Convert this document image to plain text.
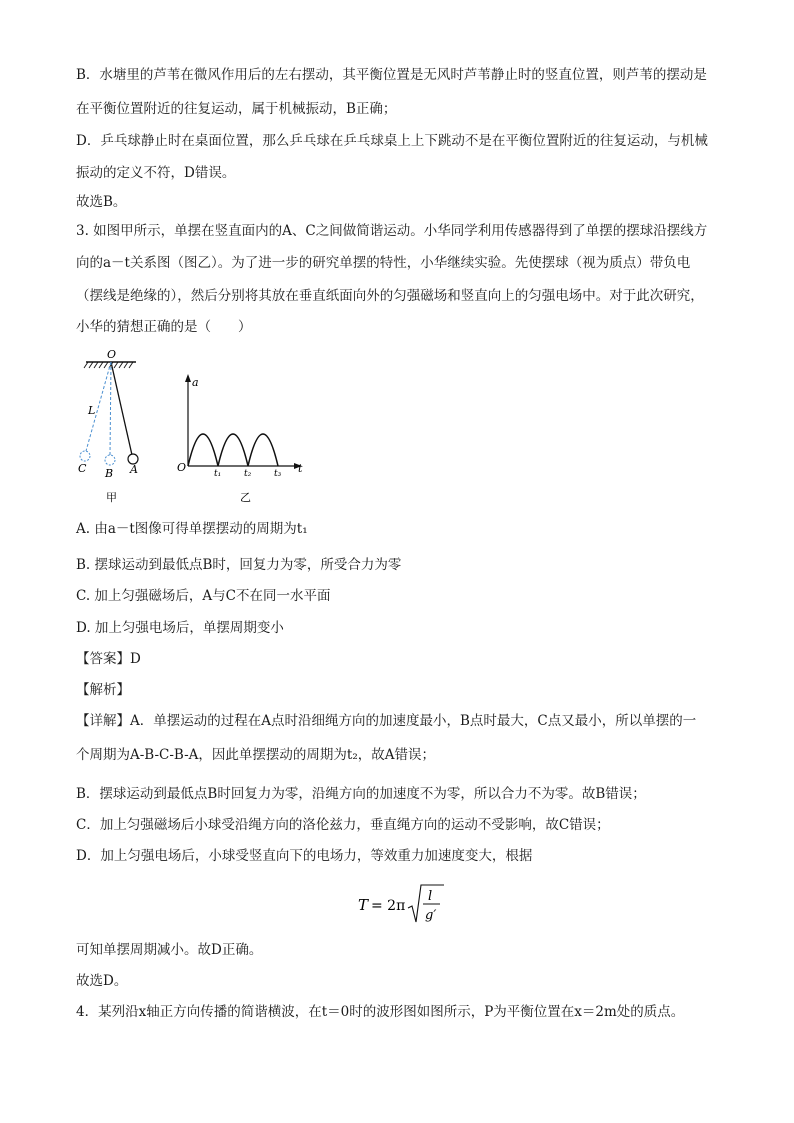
B．水塘里的芦苇在微风作用后的左右摆动，其平衡位置是无风时芦苇静止时的竖直位置，则芦苇的摆动是
在平衡位置附近的往复运动，属于机械振动，B正确；
D．乒乓球静止时在桌面位置，那么乒乓球在乒乓球桌上上下跳动不是在平衡位置附近的往复运动，与机械
振动的定义不符，D错误。
故选B。
3. 如图甲所示，单摆在竖直面内的A、C之间做简谐运动。小华同学利用传感器得到了单摆的摆球沿摆线方
向的a－t关系图（图乙）。为了进一步的研究单摆的特性，小华继续实验。先使摆球（视为质点）带负电
（摆线是绝缘的），然后分别将其放在垂直纸面向外的匀强磁场和竖直向上的匀强电场中。对于此次研究，
小华的猜想正确的是（　　）
O
L
A
B
C
甲
a
O	t
t₁	t₂	t₃
乙
A. 由a－t图像可得单摆摆动的周期为t₁
B. 摆球运动到最低点B时，回复力为零，所受合力为零
C. 加上匀强磁场后，A与C不在同一水平面
D. 加上匀强电场后，单摆周期变小
【答案】D
【解析】
【详解】A．单摆运动的过程在A点时沿细绳方向的加速度最小，B点时最大，C点又最小，所以单摆的一
个周期为A-B-C-B-A，因此单摆摆动的周期为t₂，故A错误；
B．摆球运动到最低点B时回复力为零，沿绳方向的加速度不为零，所以合力不为零。故B错误；
C．加上匀强磁场后小球受沿绳方向的洛伦兹力，垂直绳方向的运动不受影响，故C错误；
D．加上匀强电场后，小球受竖直向下的电场力，等效重力加速度变大，根据
T = 2π
l
g′
可知单摆周期减小。故D正确。
故选D。
4．某列沿x轴正方向传播的简谐横波，在t＝0时的波形图如图所示，P为平衡位置在x＝2m处的质点。
